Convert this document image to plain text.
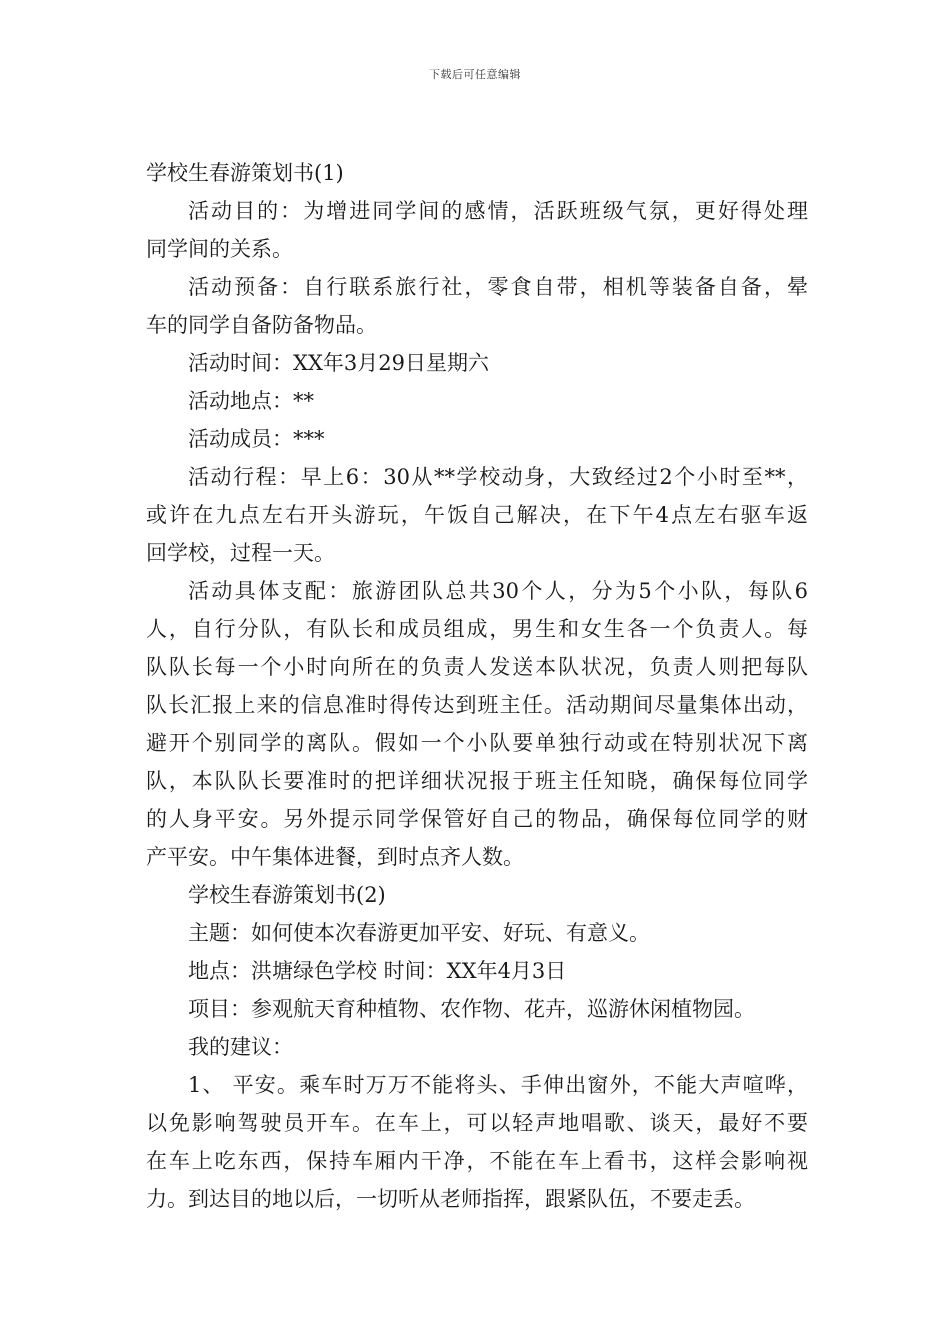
下载后可任意编辑
学校生春游策划书(1)
活动目的：为增进同学间的感情，活跃班级气氛，更好得处理
同学间的关系。
活动预备：自行联系旅行社，零食自带，相机等装备自备，晕
车的同学自备防备物品。
活动时间：XX年3月29日星期六
活动地点：**
活动成员：***
活动行程：早上6：30从**学校动身，大致经过2个小时至**，
或许在九点左右开头游玩，午饭自己解决，在下午4点左右驱车返
回学校，过程一天。
活动具体支配：旅游团队总共30个人，分为5个小队，每队6
人，自行分队，有队长和成员组成，男生和女生各一个负责人。每
队队长每一个小时向所在的负责人发送本队状况，负责人则把每队
队长汇报上来的信息准时得传达到班主任。活动期间尽量集体出动，
避开个别同学的离队。假如一个小队要单独行动或在特别状况下离
队，本队队长要准时的把详细状况报于班主任知晓，确保每位同学
的人身平安。另外提示同学保管好自己的物品，确保每位同学的财
产平安。中午集体进餐，到时点齐人数。
学校生春游策划书(2)
主题：如何使本次春游更加平安、好玩、有意义。
地点：洪塘绿色学校 时间：XX年4月3日
项目：参观航天育种植物、农作物、花卉，巡游休闲植物园。
我的建议：
1、 平安。乘车时万万不能将头、手伸出窗外，不能大声喧哗，
以免影响驾驶员开车。在车上，可以轻声地唱歌、谈天，最好不要
在车上吃东西，保持车厢内干净，不能在车上看书，这样会影响视
力。到达目的地以后，一切听从老师指挥，跟紧队伍，不要走丢。
